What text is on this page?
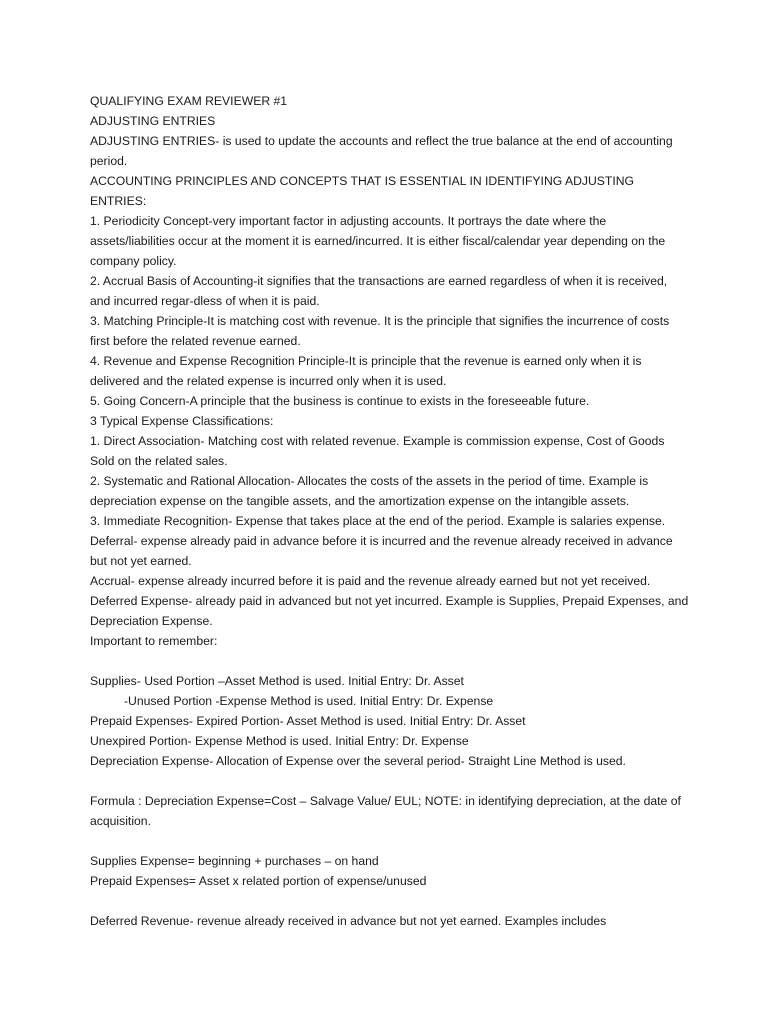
QUALIFYING EXAM REVIEWER #1

ADJUSTING ENTRIES

ADJUSTING ENTRIES- is used to update the accounts and reflect the true balance at the end of accounting period.

ACCOUNTING PRINCIPLES AND CONCEPTS THAT IS ESSENTIAL IN IDENTIFYING ADJUSTING ENTRIES:

1. Periodicity Concept-very important factor in adjusting accounts. It portrays the date where the assets/liabilities occur at the moment it is earned/incurred. It is either fiscal/calendar year depending on the company policy.

2. Accrual Basis of Accounting-it signifies that the transactions are earned regardless of when it is received, and incurred regar-dless of when it is paid.

3. Matching Principle-It is matching cost with revenue. It is the principle that signifies the incurrence of costs first before the related revenue earned.

4. Revenue and Expense Recognition Principle-It is principle that the revenue is earned only when it is delivered and the related expense is incurred only when it is used.

5. Going Concern-A principle that the business is continue to exists in the foreseeable future.

3 Typical Expense Classifications:

1. Direct Association- Matching cost with related revenue. Example is commission expense, Cost of Goods Sold on the related sales.

2. Systematic and Rational Allocation- Allocates the costs of the assets in the period of time. Example is depreciation expense on the tangible assets, and the amortization expense on the intangible assets.

3. Immediate Recognition- Expense that takes place at the end of the period. Example is salaries expense.

Deferral- expense already paid in advance before it is incurred and the revenue already received in advance but not yet earned.

Accrual- expense already incurred before it is paid and the revenue already earned but not yet received.

Deferred Expense- already paid in advanced but not yet incurred. Example is Supplies, Prepaid Expenses, and Depreciation Expense.

Important to remember:

Supplies- Used Portion –Asset Method is used. Initial Entry: Dr. Asset

-Unused Portion -Expense Method is used. Initial Entry: Dr. Expense

Prepaid Expenses- Expired Portion- Asset Method is used. Initial Entry: Dr. Asset

Unexpired Portion- Expense Method is used. Initial Entry: Dr. Expense

Depreciation Expense- Allocation of Expense over the several period- Straight Line Method is used.

Formula : Depreciation Expense=Cost – Salvage Value/ EUL; NOTE: in identifying depreciation, at the date of acquisition.

Supplies Expense= beginning + purchases – on hand

Prepaid Expenses= Asset x related portion of expense/unused

Deferred Revenue- revenue already received in advance but not yet earned. Examples includes
